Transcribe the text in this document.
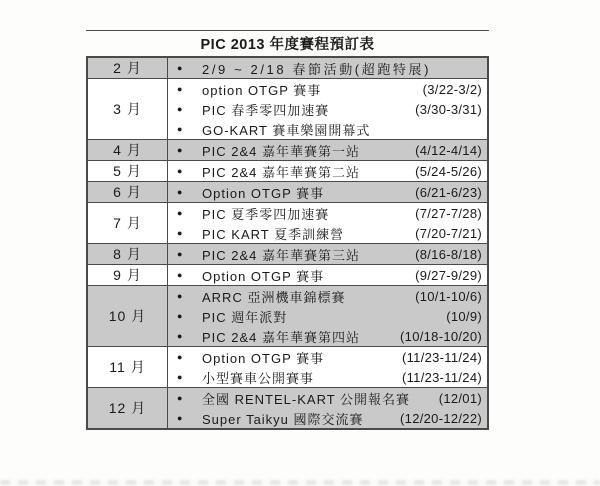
PIC 2013 年度賽程預訂表
2 月	●	2/9 ~ 2/18 春節活動(超跑特展)
3 月
●	option OTGP 賽事	(3/22-3/2)
●	PIC 春季零四加速賽	(3/30-3/31)
●	GO-KART 賽車樂園開幕式
4 月	●	PIC 2&4 嘉年華賽第一站	(4/12-4/14)
5 月	●	PIC 2&4 嘉年華賽第二站	(5/24-5/26)
6 月	●	Option OTGP 賽事	(6/21-6/23)
7 月
●	PIC 夏季零四加速賽	(7/27-7/28)
●	PIC KART 夏季訓練營	(7/20-7/21)
8 月	●	PIC 2&4 嘉年華賽第三站	(8/16-8/18)
9 月	●	Option OTGP 賽事	(9/27-9/29)
10 月
●	ARRC 亞洲機車錦標賽	(10/1-10/6)
●	PIC 週年派對	(10/9)
●	PIC 2&4 嘉年華賽第四站	(10/18-10/20)
11 月
●	Option OTGP 賽事	(11/23-11/24)
●	小型賽車公開賽事	(11/23-11/24)
12 月
●	全國 RENTEL-KART 公開報名賽	(12/01)
●	Super Taikyu 國際交流賽	(12/20-12/22)
